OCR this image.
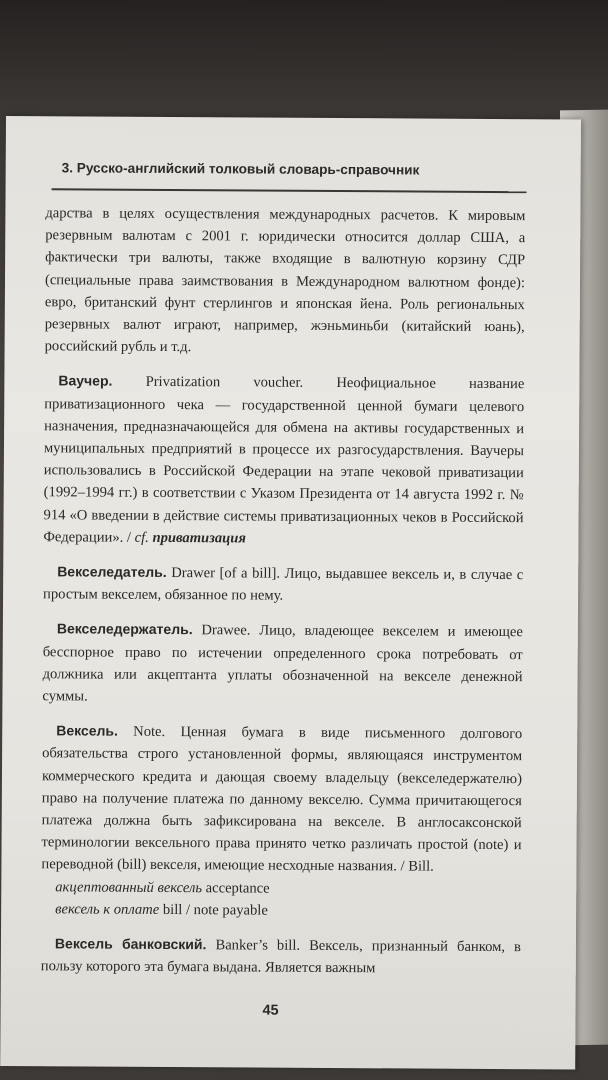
3. Русско-английский толковый словарь-справочник

дарства в целях осуществления международных расчетов. К мировым резервным валютам с 2001 г. юридически относится доллар США, а фактически три валюты, также входящие в валютную корзину СДР (специальные права заимствования в Международном валютном фонде): евро, британский фунт стерлингов и японская йена. Роль региональных резервных валют играют, например, жэньминьби (китайский юань), российский рубль и т.д.

Ваучер. Privatization voucher. Неофициальное название приватизационного чека — государственной ценной бумаги целевого назначения, предназначающейся для обмена на активы государственных и муниципальных предприятий в процессе их разгосударствления. Ваучеры использовались в Российской Федерации на этапе чековой приватизации (1992–1994 гг.) в соответствии с Указом Президента от 14 августа 1992 г. № 914 «О введении в действие системы приватизационных чеков в Российской Федерации». / cf. приватизация

Векселедатель. Drawer [of a bill]. Лицо, выдавшее вексель и, в случае с простым векселем, обязанное по нему.

Векселедержатель. Drawee. Лицо, владеющее векселем и имеющее бесспорное право по истечении определенного срока потребовать от должника или акцептанта уплаты обозначенной на векселе денежной суммы.

Вексель. Note. Ценная бумага в виде письменного долгового обязательства строго установленной формы, являющаяся инструментом коммерческого кредита и дающая своему владельцу (векселедержателю) право на получение платежа по данному векселю. Сумма причитающегося платежа должна быть зафиксирована на векселе. В англосаксонской терминологии вексельного права принято четко различать простой (note) и переводной (bill) векселя, имеющие несходные названия. / Bill.

акцептованный вексель acceptance

вексель к оплате bill / note payable

Вексель банковский. Banker’s bill. Вексель, признанный банком, в пользу которого эта бумага выдана. Является важным

45
